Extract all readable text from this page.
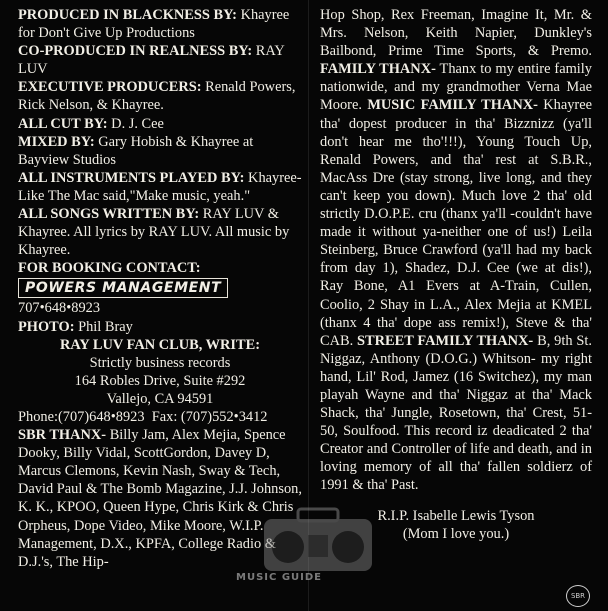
PRODUCED IN BLACKNESS BY: Khayree for Don't Give Up Productions

CO-PRODUCED IN REALNESS BY: RAY LUV

EXECUTIVE PRODUCERS: Renald Powers, Rick Nelson, & Khayree.

ALL CUT BY: D. J. Cee

MIXED BY: Gary Hobish & Khayree at Bayview Studios

ALL INSTRUMENTS PLAYED BY: Khayree-Like The Mac said,"Make music, yeah."

ALL SONGS WRITTEN BY: RAY LUV & Khayree. All lyrics by RAY LUV. All music by Khayree.

FOR BOOKING CONTACT:

POWERS MANAGEMENT

707•648•8923

PHOTO: Phil Bray

RAY LUV FAN CLUB, WRITE:

Strictly business records

164 Robles Drive, Suite #292

Vallejo, CA 94591

Phone:(707)648•8923  Fax: (707)552•3412

SBR THANX- Billy Jam, Alex Mejia, Spence Dooky, Billy Vidal, ScottGordon, Davey D, Marcus Clemons, Kevin Nash, Sway & Tech, David Paul & The Bomb Magazine, J.J. Johnson, K. K., KPOO, Queen Hype, Chris Kirk & Chris Orpheus, Dope Video, Mike Moore, W.I.P. Management, D.X., KPFA, College Radio & D.J.'s, The Hip-

Hop Shop, Rex Freeman, Imagine It, Mr. & Mrs. Nelson, Keith Napier, Dunkley's Bailbond, Prime Time Sports, & Premo. FAMILY THANX- Thanx to my entire family nationwide, and my grandmother Verna Mae Moore. MUSIC FAMILY THANX- Khayree tha' dopest producer in tha' Bizznizz (ya'll don't hear me tho'!!!), Young Touch Up, Renald Powers, and tha' rest at S.B.R., MacAss Dre (stay strong, live long, and they can't keep you down). Much love 2 tha' old strictly D.O.P.E. cru (thanx ya'll -couldn't have made it without ya-neither one of us!) Leila Steinberg, Bruce Crawford (ya'll had my back from day 1), Shadez, D.J. Cee (we at dis!), Ray Bone, A1 Evers at A-Train, Cullen, Coolio, 2 Shay in L.A., Alex Mejia at KMEL (thanx 4 tha' dope ass remix!), Steve & tha' CAB. STREET FAMILY THANX- B, 9th St. Niggaz, Anthony (D.O.G.) Whitson- my right hand, Lil' Rod, Jamez (16 Switchez), my man playah Wayne and tha' Niggaz at tha' Mack Shack, tha' Jungle, Rosetown, tha' Crest, 51-50, Soulfood. This record iz deadicated 2 tha' Creator and Controller of life and death, and in loving memory of all tha' fallen soldierz of 1991 & tha' Past.

R.I.P. Isabelle Lewis Tyson

(Mom I love you.)

MUSIC GUIDE
SBR
